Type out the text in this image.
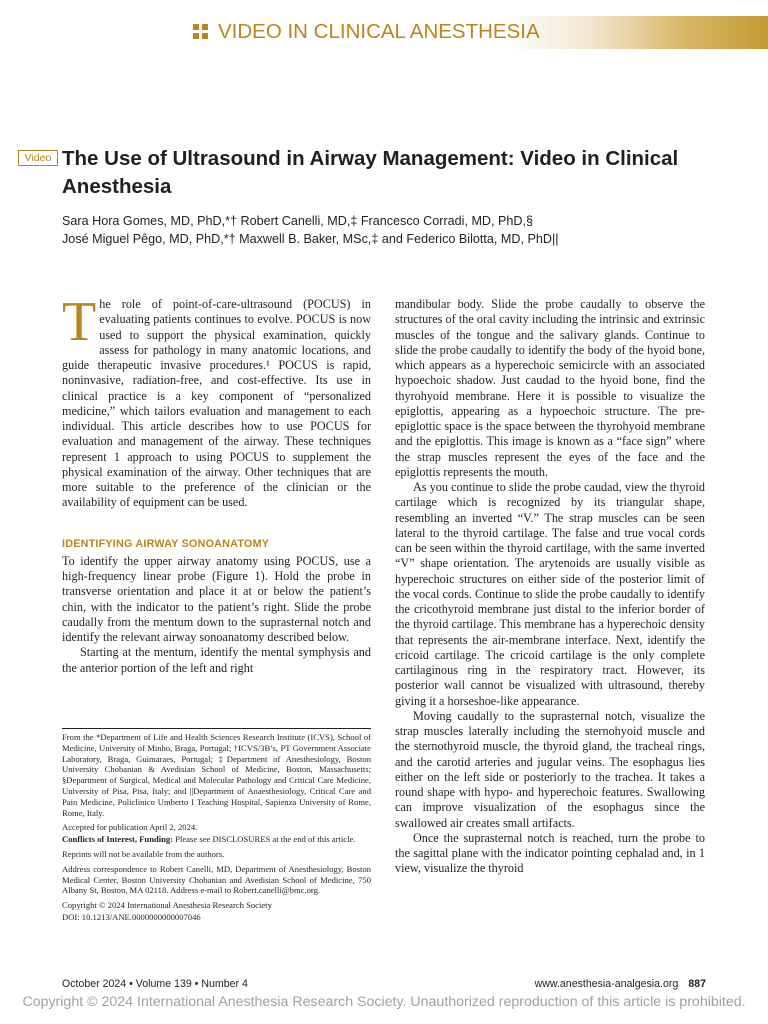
VIDEO IN CLINICAL ANESTHESIA
Video The Use of Ultrasound in Airway Management: Video in Clinical Anesthesia
Sara Hora Gomes, MD, PhD,*† Robert Canelli, MD,‡ Francesco Corradi, MD, PhD,§
José Miguel Pêgo, MD, PhD,*† Maxwell B. Baker, MSc,‡ and Federico Bilotta, MD, PhD||

The role of point-of-care-ultrasound (POCUS) in evaluating patients continues to evolve. POCUS is now used to support the physical examination, quickly assess for pathology in many anatomic locations, and guide therapeutic invasive procedures.¹ POCUS is rapid, noninvasive, radiation-free, and cost-effective. Its use in clinical practice is a key component of “personalized medicine,” which tailors evaluation and management to each individual. This article describes how to use POCUS for evaluation and management of the airway. These techniques represent 1 approach to using POCUS to supplement the physical examination of the airway. Other techniques that are more suitable to the preference of the clinician or the availability of equipment can be used.

IDENTIFYING AIRWAY SONOANATOMY

To identify the upper airway anatomy using POCUS, use a high-frequency linear probe (Figure 1). Hold the probe in transverse orientation and place it at or below the patient’s chin, with the indicator to the patient’s right. Slide the probe caudally from the mentum down to the suprasternal notch and identify the relevant airway sonoanatomy described below.

Starting at the mentum, identify the mental symphysis and the anterior portion of the left and right

mandibular body. Slide the probe caudally to observe the structures of the oral cavity including the intrinsic and extrinsic muscles of the tongue and the salivary glands. Continue to slide the probe caudally to identify the body of the hyoid bone, which appears as a hyperechoic semicircle with an associated hypoechoic shadow. Just caudad to the hyoid bone, find the thyrohyoid membrane. Here it is possible to visualize the epiglottis, appearing as a hypoechoic structure. The pre-epiglottic space is the space between the thyrohyoid membrane and the epiglottis. This image is known as a “face sign” where the strap muscles represent the eyes of the face and the epiglottis represents the mouth.

As you continue to slide the probe caudad, view the thyroid cartilage which is recognized by its triangular shape, resembling an inverted “V.” The strap muscles can be seen lateral to the thyroid cartilage. The false and true vocal cords can be seen within the thyroid cartilage, with the same inverted “V” shape orientation. The arytenoids are usually visible as hyperechoic structures on either side of the posterior limit of the vocal cords. Continue to slide the probe caudally to identify the cricothyroid membrane just distal to the inferior border of the thyroid cartilage. This membrane has a hyperechoic density that represents the air-membrane interface. Next, identify the cricoid cartilage. The cricoid cartilage is the only complete cartilaginous ring in the respiratory tract. However, its posterior wall cannot be visualized with ultrasound, thereby giving it a horseshoe-like appearance.

Moving caudally to the suprasternal notch, visualize the strap muscles laterally including the sternohyoid muscle and the sternothyroid muscle, the thyroid gland, the tracheal rings, and the carotid arteries and jugular veins. The esophagus lies either on the left side or posteriorly to the trachea. It takes a round shape with hypo- and hyperechoic features. Swallowing can improve visualization of the esophagus since the swallowed air creates small artifacts.

Once the suprasternal notch is reached, turn the probe to the sagittal plane with the indicator pointing cephalad and, in 1 view, visualize the thyroid

From the *Department of Life and Health Sciences Research Institute (ICVS), School of Medicine, University of Minho, Braga, Portugal; †ICVS/3B’s, PT Government Associate Laboratory, Braga, Guimaraes, Portugal; ‡Department of Anesthesiology, Boston University Chobanian & Avedisian School of Medicine, Boston, Massachusetts; §Department of Surgical, Medical and Molecular Pathology and Critical Care Medicine, University of Pisa, Pisa, Italy; and ||Department of Anaesthesiology, Critical Care and Pain Medicine, Policlinico Umberto I Teaching Hospital, Sapienza University of Rome, Rome, Italy.

Accepted for publication April 2, 2024.

Conflicts of Interest, Funding: Please see DISCLOSURES at the end of this article.

Reprints will not be available from the authors.

Address correspondence to Robert Canelli, MD, Department of Anesthesiology, Boston Medical Center, Boston University Chobanian and Avedisian School of Medicine, 750 Albany St, Boston, MA 02118. Address e-mail to Robert.canelli@bmc.org.

Copyright © 2024 International Anesthesia Research Society

DOI: 10.1213/ANE.0000000000007046

October 2024 • Volume 139 • Number 4	www.anesthesia-analgesia.org 887
Copyright © 2024 International Anesthesia Research Society. Unauthorized reproduction of this article is prohibited.
